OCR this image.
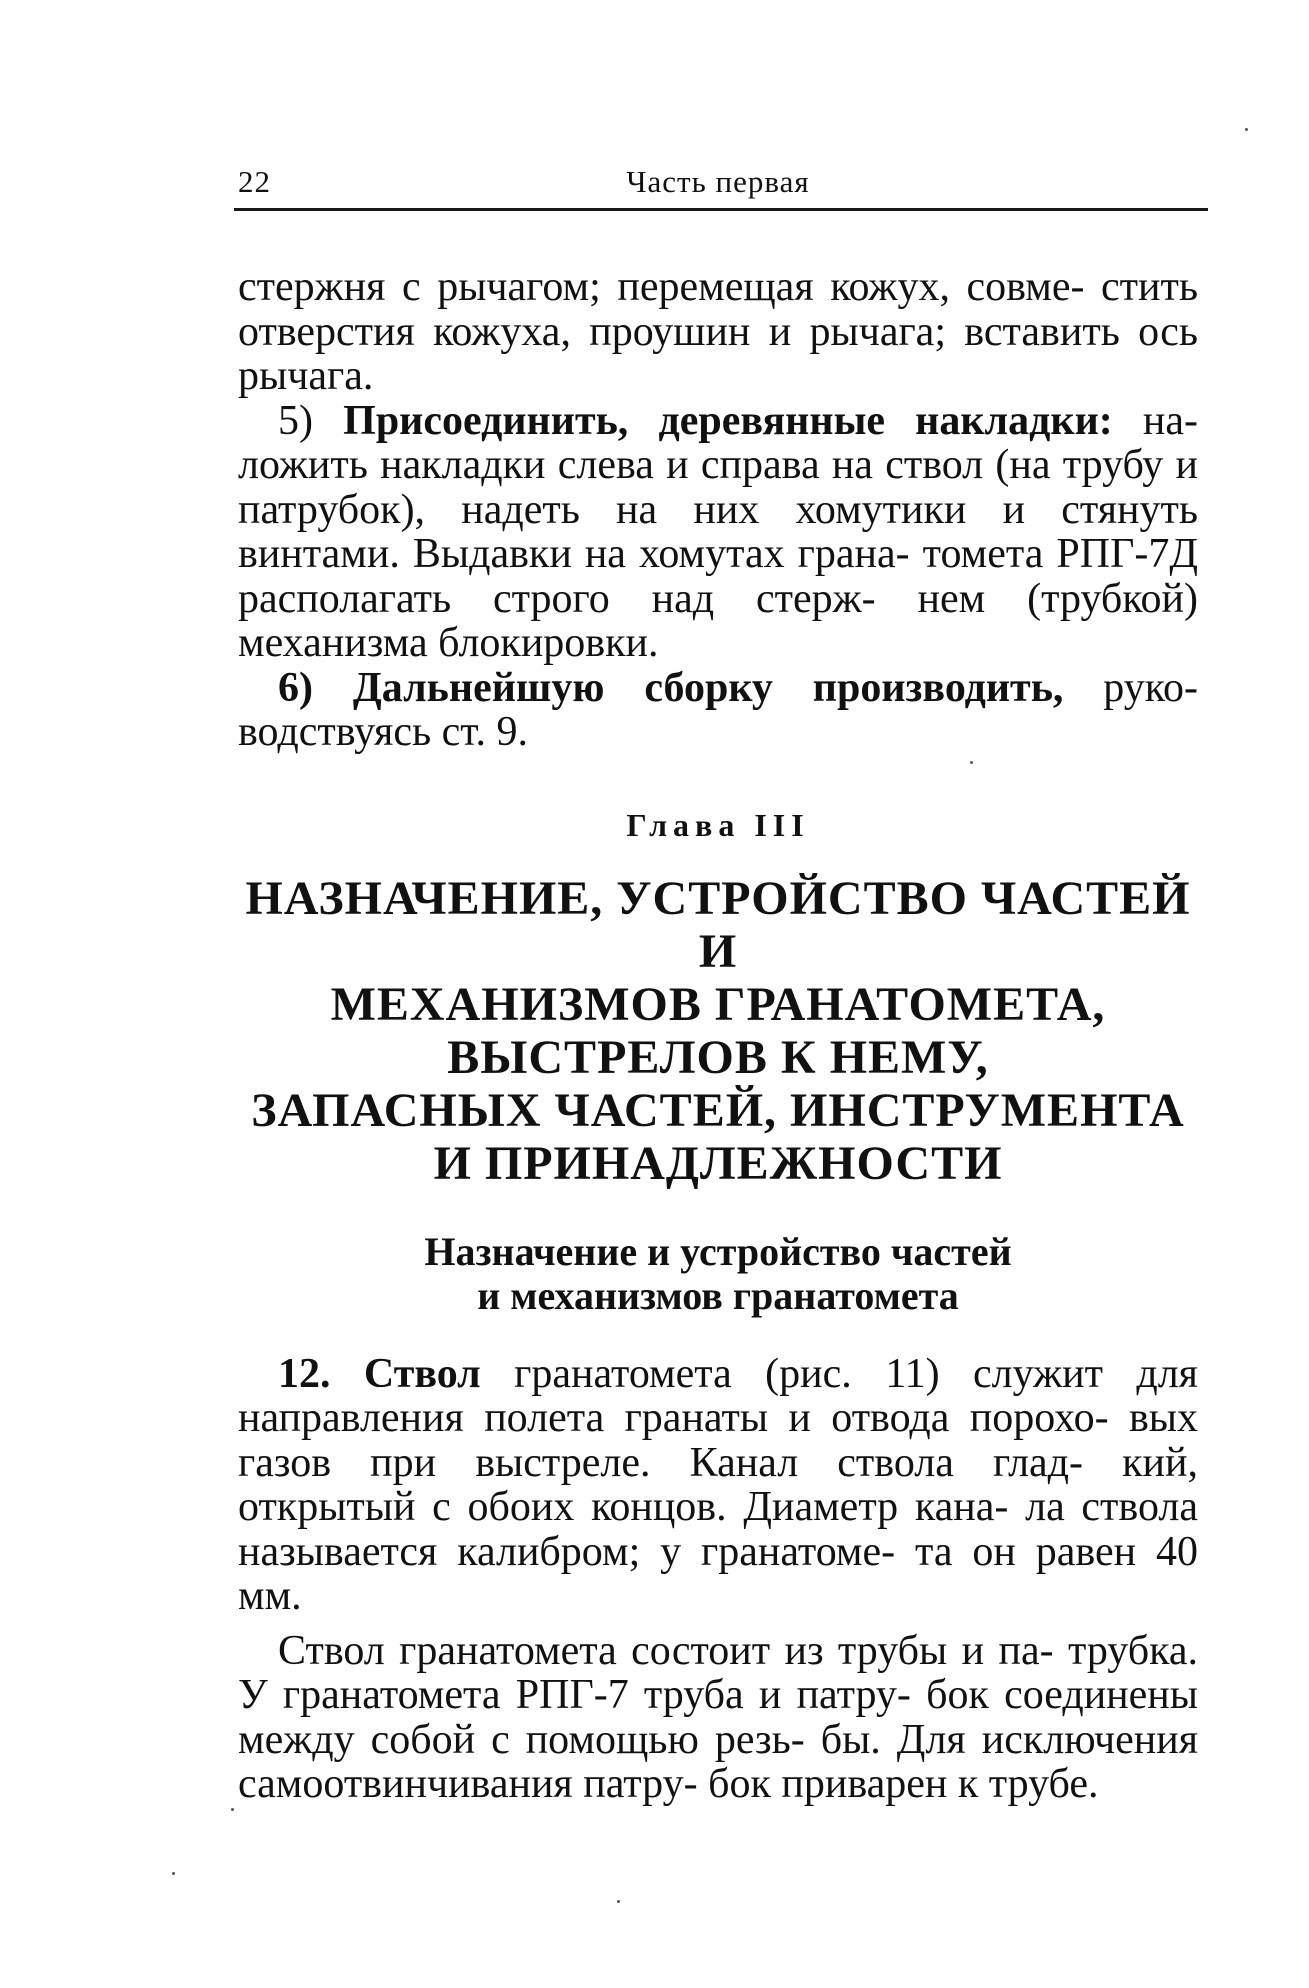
22	Часть первая

стержня с рычагом; перемещая кожух, совме- стить отверстия кожуха, проушин и рычага; вставить ось рычага.

5) Присоединить, деревянные накладки: на- ложить накладки слева и справа на ствол (на трубу и патрубок), надеть на них хомутики и стянуть винтами. Выдавки на хомутах грана- томета РПГ-7Д располагать строго над стерж- нем (трубкой) механизма блокировки.

6) Дальнейшую сборку производить, руко- водствуясь ст. 9.

Глава III
НАЗНАЧЕНИЕ, УСТРОЙСТВО ЧАСТЕЙ И
МЕХАНИЗМОВ ГРАНАТОМЕТА,
ВЫСТРЕЛОВ К НЕМУ,
ЗАПАСНЫХ ЧАСТЕЙ, ИНСТРУМЕНТА
И ПРИНАДЛЕЖНОСТИ
Назначение и устройство частей
и механизмов гранатомета

12. Ствол гранатомета (рис. 11) служит для направления полета гранаты и отвода порохо- вых газов при выстреле. Канал ствола глад- кий, открытый с обоих концов. Диаметр кана- ла ствола называется калибром; у гранатоме- та он равен 40 мм.

Ствол гранатомета состоит из трубы и па- трубка. У гранатомета РПГ-7 труба и патру- бок соединены между собой с помощью резь- бы. Для исключения самоотвинчивания патру- бок приварен к трубе.
